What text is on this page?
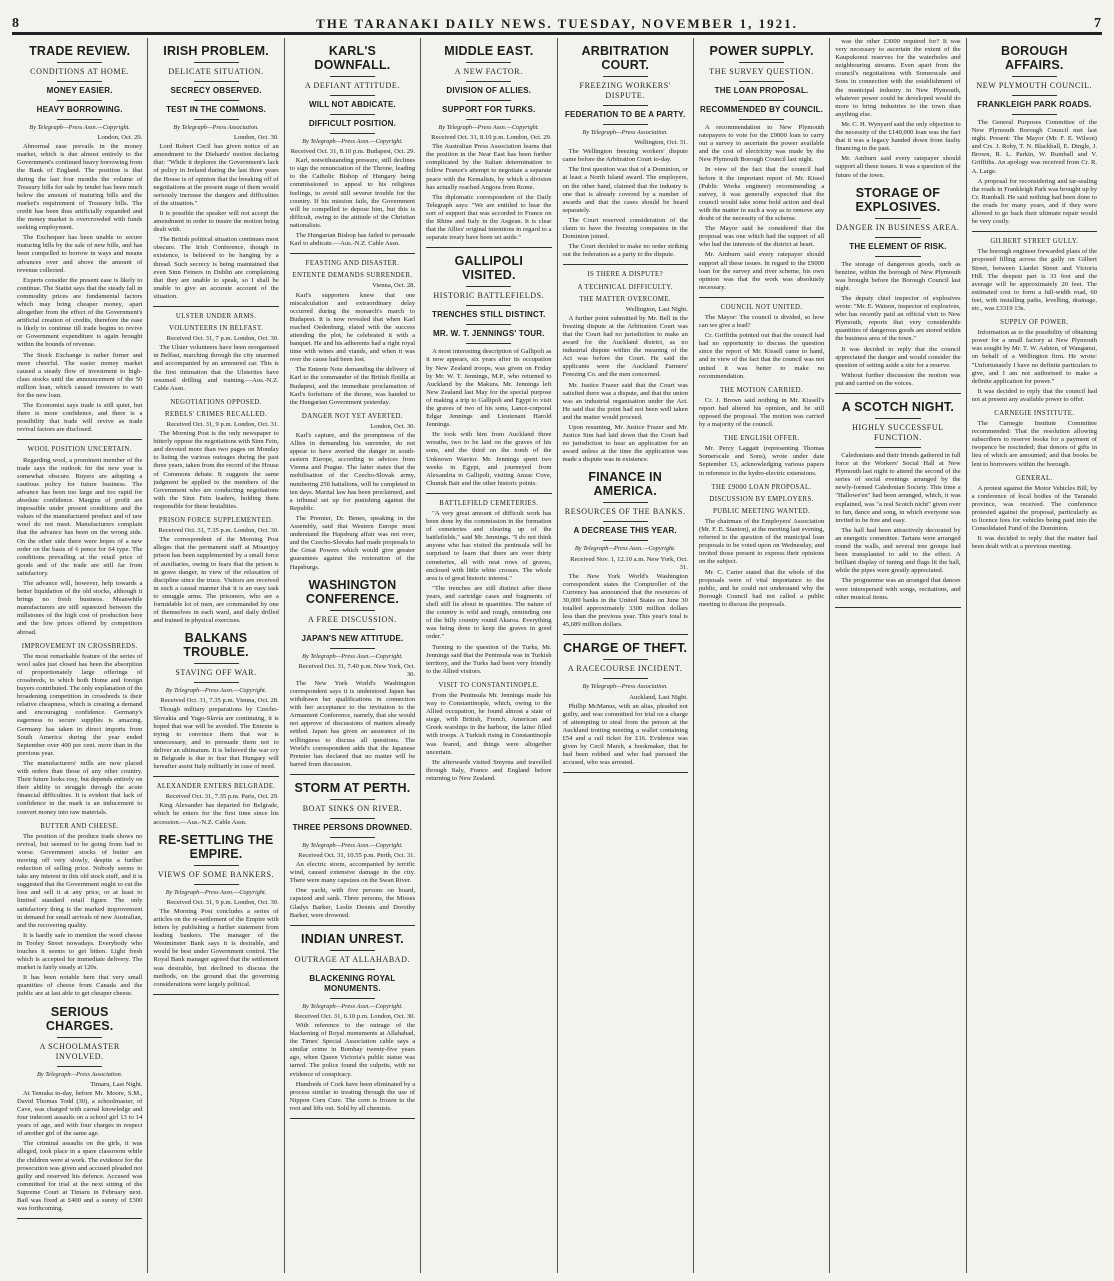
8	THE TARANAKI DAILY NEWS. TUESDAY, NOVEMBER 1, 1921.	7
TRADE REVIEW.
CONDITIONS AT HOME.
MONEY EASIER.
HEAVY BORROWING.
By Telegraph—Press Assn.—Copyright.
London, Oct. 29.

Abnormal ease prevails in the money market, which is due almost entirely to the Government's continued heavy borrowing from the Bank of England. The position is that during the last four months the volume of Treasury bills for sale by tender has been much below the amount of maturing bills and the market's requirement of Treasury bills. The credit has been thus artificially expanded and the money market is overcrowded with funds seeking employment.

The Exchequer has been unable to secure maturing bills by the sale of new bills, and has been compelled to borrow in ways and means advances over and above the amount of revenue collected.

Experts consider the present ease is likely to continue. The Statist says that the steady fall in commodity prices are fundamental factors which may bring cheaper money, apart altogether from the effect of the Government's artificial creation of credits, therefore the ease is likely to continue till trade begins to revive or Government expenditure is again brought within the bounds of revenue.

The Stock Exchange is rather firmer and more cheerful. The easier money market caused a steady flow of investment to high-class stocks until the announcement of the 50 million loan, which caused investors to wait for the new loan.

The Economist says trade is still quiet, but there is more confidence, and there is a possibility that trade will revive as trade revival factors are disclosed.

WOOL POSITION UNCERTAIN.

Regarding wool, a prominent member of the trade says the outlook for the new year is somewhat obscure. Buyers are adopting a cautious policy for future business. The advance has been too large and too rapid for absolute confidence. Margins of profit are impossible under present conditions and the values of the manufactured product and of raw wool do not meet. Manufacturers complain that the advance has been on the wrong side. On the other side there were hopes of a new order on the basis of 6 pence for 64 type. The conditions prevailing at the retail price of goods and of the trade are still far from satisfactory.

The advance will, however, help towards a better liquidation of the old stocks, although it brings no fresh business. Meanwhile manufacturers are still squeezed between the millstones of the high cost of production here and the low prices offered by competitors abroad.

IMPROVEMENT IN CROSSBREDS.

The most remarkable feature of the series of wool sales just closed has been the absorption of proportionately large offerings of crossbreds, to which both Home and foreign buyers contributed. The only explanation of the broadening competition in crossbreds is their relative cheapness, which is creating a demand and encouraging confidence. Germany's eagerness to secure supplies is amazing. Germany has taken in direct imports from South America during the year ended September over 400 per cent. more than in the previous year.

The manufacturers' mills are now placed with orders than those of any other country. Their future looks rosy, but depends entirely on their ability to struggle through the acute financial difficulties. It is evident that lack of confidence in the mark is an inducement to convert money into raw materials.

BUTTER AND CHEESE.

The position of the produce trade shows no revival, but seemed to be going from bad to worse. Government stocks of butter are moving off very slowly, despite a further reduction of selling price. Nobody seems to take any interest in this old stock stuff, and it is suggested that the Government ought to cut the loss and sell it at any price, or at least to limited standard retail figure. The only satisfactory thing is the marked improvement in demand for small arrivals of new Australian, and the recovering quality.

It is hardly safe to mention the word cheese in Tooley Street nowadays. Everybody who touches it seems to get bitten. Light fresh which is accepted for immediate delivery. The market is fairly steady at 120s.

It has been notable here that very small quantities of cheese from Canada and the public are at last able to get cheaper cheese.

SERIOUS CHARGES.
A SCHOOLMASTER INVOLVED.
By Telegraph—Press Association.
Timaru, Last Night.

At Temuka to-day, before Mr. Moore, S.M., David Thomas Todd (30), a schoolmaster, of Cave, was charged with carnal knowledge and four indecent assaults on a school girl 13 to 14 years of age, and with four charges in respect of another girl of the same age.

The criminal assaults on the girls, it was alleged, took place in a spare classroom while the children were at work. The evidence for the prosecution was given and accused pleaded not guilty and reserved his defence. Accused was committed for trial at the next sitting of the Supreme Court at Timaru in February next. Bail was fixed at £400 and a surety of £300 was forthcoming.

IRISH PROBLEM.
DELICATE SITUATION.
SECRECY OBSERVED.
TEST IN THE COMMONS.
By Telegraph—Press Association.
London, Oct. 30.

Lord Robert Cecil has given notice of an amendment to the Diehards' motion declaring that: "While it deplores the Government's lack of policy in Ireland during the last three years the House is of opinion that the breaking off of negotiations at the present stage of them would seriously increase the dangers and difficulties of the situation."

It is possible the speaker will not accept the amendment in order to insure the motion being dealt with.

The British political situation continues most obscure. The Irish Conference, though in existence, is believed to be hanging by a thread. Such secrecy is being maintained that even Sinn Feiners in Dublin are complaining that they are unable to speak, so I shall be unable to give an accurate account of the situation.

ULSTER UNDER ARMS.
VOLUNTEERS IN BELFAST.
Received Oct. 31, 7 p.m. London, Oct. 30.

The Ulster volunteers have been reorganised in Belfast, marching through the city unarmed and accompanied by an armoured car. This is the first intimation that the Ulsterites have resumed drilling and training.—Aus.-N.Z. Cable Assn.

NEGOTIATIONS OPPOSED.
REBELS' CRIMES RECALLED.
Received Oct. 31, 9 p.m. London, Oct. 31.

The Morning Post is the only newspaper to bitterly oppose the negotiations with Sinn Fein, and devoted more than two pages on Monday to listing the various outrages during the past three years, taken from the record of the House of Commons debate. It suggests the same judgment be applied to the members of the Government who are conducting negotiations with the Sinn Fein leaders, holding them responsible for these brutalities.

PRISON FORCE SUPPLEMENTED.
Received Oct. 31, 7.35 p.m. London, Oct. 30.

The correspondent of the Morning Post alleges that the permanent staff at Mountjoy prison has been supplemented by a small force of auxiliaries, owing to fears that the prison is in grave danger, in view of the relaxation of discipline since the truce. Visitors are received in such a casual manner that it is an easy task to smuggle arms. The prisoners, who are a formidable lot of men, are commanded by one of themselves in each ward, and daily drilled and trained in physical exercises.

BALKANS TROUBLE.
STAVING OFF WAR.
By Telegraph—Press Assn.—Copyright.
Received Oct. 31, 7.35 p.m. Vienna, Oct. 28.

Though military preparations by Czecho-Slovakia and Yugo-Slavia are continuing, it is hoped that war will be avoided. The Entente is trying to convince them that war is unnecessary, and to persuade them not to deliver an ultimatum. It is believed the war cry in Belgrade is due to fear that Hungary will hereafter assist Italy militarily in case of need.

ALEXANDER ENTERS BELGRADE.
Received Oct. 31, 7.35 p.m. Paris, Oct. 29.

King Alexander has departed for Belgrade, which he enters for the first time since his accession.—Aus.-N.Z. Cable Assn.

RE-SETTLING THE EMPIRE.
VIEWS OF SOME BANKERS.
By Telegraph—Press Assn.—Copyright.
Received Oct. 31, 9 p.m. London, Oct. 30.

The Morning Post concludes a series of articles on the re-settlement of the Empire with letters by publishing a further statement from leading bankers. The manager of the Westminster Bank says it is desirable, and would be best under Government control. The Royal Bank manager agreed that the settlement was desirable, but declined to discuss the methods, on the ground that the governing considerations were largely political.

KARL'S DOWNFALL.
A DEFIANT ATTITUDE.
WILL NOT ABDICATE.
DIFFICULT POSITION.
By Telegraph—Press Assn.—Copyright.
Received Oct. 31, 8.10 p.m. Budapest, Oct. 29.

Karl, notwithstanding pressure, still declines to sign the renunciation of the Throne, leading to the Catholic Bishop of Hungary being commissioned to appeal to his religious feelings, to avoid still severer trouble for the country. If his mission fails, the Government will be compelled to depose him, but this is difficult, owing to the attitude of the Christian nationalists.

The Hungarian Bishop has failed to persuade Karl to abdicate.—Aus.-N.Z. Cable Assn.

FEASTING AND DISASTER.
ENTENTE DEMANDS SURRENDER.
Vienna, Oct. 28.

Karl's supporters knew that one miscalculation and extraordinary delay occurred during the monarch's march to Budapest. It is now revealed that when Karl reached Oedenburg, elated with the success attending the plot, he celebrated it with a banquet. He and his adherents had a right royal time with wines and viands, and when it was over the cause had been lost.

The Entente Note demanding the delivery of Karl to the commander of the British flotilla at Budapest, and the immediate proclamation of Karl's forfeiture of the throne, was handed to the Hungarian Government yesterday.

DANGER NOT YET AVERTED.
London, Oct. 30.

Karl's capture, and the promptness of the Allies in demanding his surrender, do not appear to have averted the danger in south-eastern Europe, according to advices from Vienna and Prague. The latter states that the mobilisation of the Czecho-Slovak army, numbering 250 battalions, will be completed in ten days. Marital law has been proclaimed, and a tribunal set up for punishing against the Republic.

The Premier, Dr. Benes, speaking in the Assembly, said that Western Europe must understand the Hapsburg affair was not over, and the Czecho-Slovaks had made proposals to the Great Powers which would give greater guarantees against the restoration of the Hapsburgs.

WASHINGTON CONFERENCE.
A FREE DISCUSSION.
JAPAN'S NEW ATTITUDE.
By Telegraph—Press Assn.—Copyright.
Received Oct. 31, 7.40 p.m. New York, Oct. 30.

The New York World's Washington correspondent says it is understood Japan has withdrawn her qualifications in connection with her acceptance to the invitation to the Armament Conference, namely, that she would not approve of discussions of matters already settled. Japan has given an assurance of its willingness to discuss all questions. The World's correspondent adds that the Japanese Premier has declared that no matter will be barred from discussion.

STORM AT PERTH.
BOAT SINKS ON RIVER.
THREE PERSONS DROWNED.
By Telegraph—Press Assn.—Copyright.
Received Oct. 31, 10.55 p.m. Perth, Oct. 31.

An electric storm, accompanied by terrific wind, caused extensive damage in the city. There were many capsizes on the Swan River.

One yacht, with five persons on board, capsized and sank. Three persons, the Misses Gladys Barker, Leslie Dennis and Dorothy Barker, were drowned.

INDIAN UNREST.
OUTRAGE AT ALLAHABAD.
BLACKENING ROYAL MONUMENTS.
By Telegraph—Press Assn.—Copyright.
Received Oct. 31, 6.10 p.m. London, Oct. 30.

With reference to the outrage of the blackening of Royal monuments at Allahabad, the Times' Special Association cable says a similar crime in Bombay twenty-five years ago, when Queen Victoria's public statue was tarred. The police found the culprits, with no evidence of conspiracy.

Hundreds of Cork have been eliminated by a process similar to treating through the use of Nippon Corn Cure. The corn is frozen to the root and lifts out. Sold by all chemists.

MIDDLE EAST.
A NEW FACTOR.
DIVISION OF ALLIES.
SUPPORT FOR TURKS.
By Telegraph—Press Assn.—Copyright.
Received Oct. 31, 8.10 p.m. London, Oct. 29.

The Australian Press Association learns that the position in the Near East has been further complicated by the Italian determination to follow France's attempt to negotiate a separate peace with the Kemalists, by which a division has actually reached Angora from Rome.

The diplomatic correspondent of the Daily Telegraph says: "We are entitled to hear the sort of support that was accorded to France on the Rhine and Italy in the Aegean. It is clear that the Allies' original intentions in regard to a separate treaty have been set aside."

GALLIPOLI VISITED.
HISTORIC BATTLEFIELDS.
TRENCHES STILL DISTINCT.
MR. W. T. JENNINGS' TOUR.

A most interesting description of Gallipoli as it now appears, six years after its occupation by New Zealand troops, was given on Friday by Mr. W. T. Jennings, M.P., who returned to Auckland by the Makura. Mr. Jennings left New Zealand last May for the special purpose of making a trip to Gallipoli and Egypt to visit the graves of two of his sons, Lance-corporal Edgar Jennings and Lieutenant Harold Jennings.

He took with him from Auckland three wreaths, two to be laid on the graves of his sons, and the third on the tomb of the Unknown Warrior. Mr. Jennings spent two weeks in Egypt, and journeyed from Alexandria to Gallipoli, visiting Anzac Cove, Chunuk Bair and the other historic points.

BATTLEFIELD CEMETERIES.

"A very great amount of difficult work has been done by the commission in the formation of cemeteries and clearing up of the battlefields," said Mr. Jennings. "I do not think anyone who has visited the peninsula will be surprised to learn that there are over thirty cemeteries, all with neat rows of graves, enclosed with little white crosses. The whole area is of great historic interest."

"The trenches are still distinct after these years, and cartridge cases and fragments of shell still lie about in quantities. The nature of the country is wild and rough, reminding one of the hilly country round Akaroa. Everything was being done to keep the graves in good order."

Turning to the question of the Turks, Mr. Jennings said that the Peninsula was in Turkish territory, and the Turks had been very friendly to the Allied visitors.

VISIT TO CONSTANTINOPLE.

From the Peninsula Mr. Jennings made his way to Constantinople, which, owing to the Allied occupation, he found almost a state of siege, with British, French, American and Greek warships in the harbour, the latter filled with troops. A Turkish rising in Constantinople was feared, and things were altogether uncertain.

He afterwards visited Smyrna and travelled through Italy, France and England before returning to New Zealand.

ARBITRATION COURT.
FREEZING WORKERS' DISPUTE.
FEDERATION TO BE A PARTY.
By Telegraph—Press Association.
Wellington, Oct. 31.

The Wellington freezing workers' dispute came before the Arbitration Court to-day.

The first question was that of a Dominion, or at least a North Island award. The employers, on the other hand, claimed that the industry is one that is already covered by a number of awards and that the cases should be heard separately.

The Court reserved consideration of the claim to have the freezing companies in the Dominion joined.

The Court decided to make no order striking out the federation as a party to the dispute.

IS THERE A DISPUTE?
A TECHNICAL DIFFICULTY.
THE MATTER OVERCOME.
Wellington, Last Night.

A further point submitted by Mr. Bell in the freezing dispute at the Arbitration Court was that the Court had no jurisdiction to make an award for the Auckland district, as no industrial dispute within the meaning of the Act was before the Court. He said the applicants were the Auckland Farmers' Freezing Co. and the men concerned.

Mr. Justice Frazer said that the Court was satisfied there was a dispute, and that the union was an industrial organisation under the Act. He said that the point had not been well taken and the matter would proceed.

Upon resuming, Mr. Justice Frazer and Mr. Justice Sim had laid down that the Court had no jurisdiction to hear an application for an award unless at the time the application was made a dispute was in existence.

FINANCE IN AMERICA.
RESOURCES OF THE BANKS.
A DECREASE THIS YEAR.
By Telegraph—Press Assn.—Copyright.
Received Nov. 1, 12.10 a.m. New York, Oct. 31.

The New York World's Washington correspondent states the Comptroller of the Currency has announced that the resources of 30,000 banks in the United States on June 30 totalled approximately 3300 million dollars less than the previous year. This year's total is 45,689 million dollars.

CHARGE OF THEFT.
A RACECOURSE INCIDENT.
By Telegraph—Press Association.
Auckland, Last Night.

Phillip McManus, with an alias, pleaded not guilty, and was committed for trial on a charge of attempting to steal from the person at the Auckland trotting meeting a wallet containing £54 and a rail ticket for £16. Evidence was given by Cecil Marsh, a bookmaker, that he had been robbed and who had pursued the accused, who was arrested.

POWER SUPPLY.
THE SURVEY QUESTION.
THE LOAN PROPOSAL.
RECOMMENDED BY COUNCIL.

A recommendation to New Plymouth ratepayers to vote for the £9000 loan to carry out a survey to ascertain the power available and the cost of electricity was made by the New Plymouth Borough Council last night.

In view of the fact that the council had before it the important report of Mr. Kissel (Public Works engineer) recommending a survey, it was generally expected that the council would take some bold action and deal with the matter in such a way as to remove any doubt of the necessity of the scheme.

The Mayor said he considered that the proposal was one which had the support of all who had the interests of the district at heart.

Mr. Amburn said every ratepayer should support all these issues. In regard to the £9000 loan for the survey and river scheme, his own opinion was that the work was absolutely necessary.

COUNCIL NOT UNITED.

The Mayor: The council is divided, so how can we give a lead?

Cr. Griffiths pointed out that the council had had no opportunity to discuss the question since the report of Mr. Kissell came to hand, and in view of the fact that the council was not united it was better to make no recommendation.

THE MOTION CARRIED.

Cr. J. Brown said nothing in Mr. Kissell's report had altered his opinion, and he still opposed the proposal. The motion was carried by a majority of the council.

THE ENGLISH OFFER.

Mr. Percy Laggatt (representing Thomas Somerscale and Sons), wrote under date September 13, acknowledging various papers in reference to the hydro-electric extensions.

THE £9000 LOAN PROPOSAL.
DISCUSSION BY EMPLOYERS.
PUBLIC MEETING WANTED.

The chairman of the Employers' Association (Mr. F. E. Stanton), at the meeting last evening, referred to the question of the municipal loan proposals to be voted upon on Wednesday, and invited those present to express their opinions on the subject.

Mr. C. Carter stated that the whole of the proposals were of vital importance to the public, and he could not understand why the Borough Council had not called a public meeting to discuss the proposals.

was the other £3000 required for? It was very necessary to ascertain the extent of the Kaupokonui reserves for the waterholes and neighbouring streams. Even apart from the council's negotiations with Somerscale and Sons in connection with the establishment of the municipal industry in New Plymouth, whatever power could be developed would do more to bring industries to the town than anything else.

Mr. C. H. Wynyard said the only objection to the necessity of the £140,000 loan was the fact that it was a legacy handed down from faulty financing in the past.

Mr. Amburn said every ratepayer should support all these issues. It was a question of the future of the town.

STORAGE OF EXPLOSIVES.
DANGER IN BUSINESS AREA.
THE ELEMENT OF RISK.

The storage of dangerous goods, such as benzine, within the borough of New Plymouth was brought before the Borough Council last night.

The deputy chief inspector of explosives wrote: "Mr. E. Watson, inspector of explosives, who has recently paid an official visit to New Plymouth, reports that very considerable quantities of dangerous goods are stored within the business area of the town."

It was decided to reply that the council appreciated the danger and would consider the question of setting aside a site for a reserve.

Without further discussion the motion was put and carried on the voices.

A SCOTCH NIGHT.
HIGHLY SUCCESSFUL FUNCTION.

Caledonians and their friends gathered in full force at the Workers' Social Hall at New Plymouth last night to attend the second of the series of social evenings arranged by the newly-formed Caledonian Society. This time a "Hallowe'en" had been arranged, which, it was explained, was "a real Scotch nicht" given over to fun, dance and song, in which everyone was invited to be free and easy.

The hall had been attractively decorated by an energetic committee. Tartans were arranged round the walls, and several tree groups had been transplanted to add to the effect. A brilliant display of tuning and flags lit the hall, while the pipes were greatly appreciated.

The programme was an arranged that dances were interspersed with songs, recitations, and other musical items.

BOROUGH AFFAIRS.
NEW PLYMOUTH COUNCIL.
FRANKLEIGH PARK ROADS.

The General Purposes Committee of the New Plymouth Borough Council met last night. Present: The Mayor (Mr. F. E. Wilson) and Crs. J. Roby, T. N. Blackball, E. Dingle, J. Brown, R. L. Parkin, W. Rumball and V. Griffiths. An apology was received from Cr. R. A. Large.

A proposal for reconsidering and tar-sealing the roads in Frankleigh Park was brought up by Cr. Rumball. He said nothing had been done to the roads for many years, and if they were allowed to go back their ultimate repair would be very costly.

GILBERT STREET GULLY.

The borough engineer forwarded plans of the proposed filling across the gully on Gilbert Street, between Liardet Street and Victoria Hill. The deepest part is 33 feet and the average will be approximately 20 feet. The estimated cost to form a full-width road, 60 feet, with installing paths, levelling, drainage, etc., was £3319 13s.

SUPPLY OF POWER.

Information as to the possibility of obtaining power for a small factory at New Plymouth was sought by Mr. T. W. Ashton, of Wanganui, on behalf of a Wellington firm. He wrote: "Unfortunately I have no definite particulars to give, and I am not authorised to make a definite application for power."

It was decided to reply that the council had not at present any available power to offer.

CARNEGIE INSTITUTE.

The Carnegie Institute Committee recommended: That the resolution allowing subscribers to reserve books for a payment of twopence be rescinded; that donors of gifts in lieu of which are amounted; and that books be lent to borrowers within the borough.

GENERAL.

A protest against the Motor Vehicles Bill, by a conference of local bodies of the Taranaki province, was received. The conference protested against the proposal, particularly as to licence fees for vehicles being paid into the Consolidated Fund of the Dominion.

It was decided to reply that the matter had been dealt with at a previous meeting.
